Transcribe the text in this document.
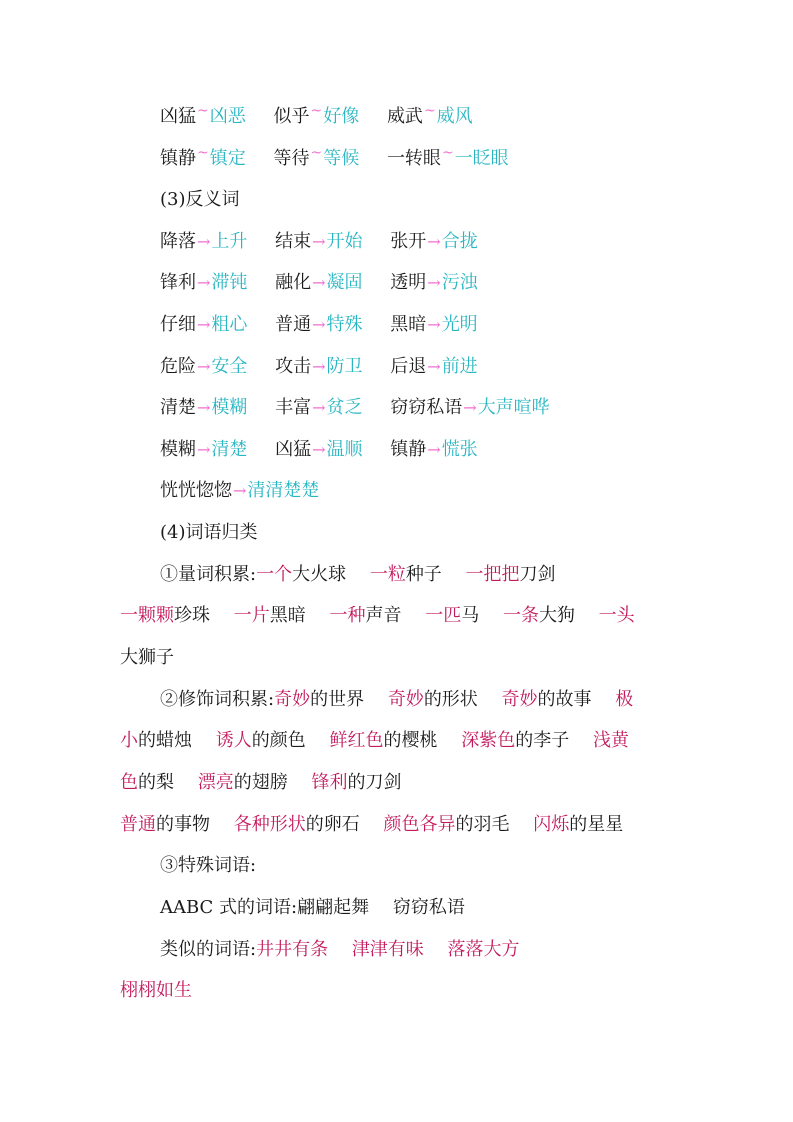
凶猛~凶恶 似乎~好像 威武~威风
镇静~镇定 等待~等候 一转眼~一眨眼
(3)反义词
降落→上升 结束→开始 张开→合拢
锋利→滞钝 融化→凝固 透明→污浊
仔细→粗心 普通→特殊 黑暗→光明
危险→安全 攻击→防卫 后退→前进
清楚→模糊 丰富→贫乏 窃窃私语→大声喧哗
模糊→清楚 凶猛→温顺 镇静→慌张
恍恍惚惚→清清楚楚
(4)词语归类
①量词积累:一个大火球 一粒种子 一把把刀剑
一颗颗珍珠 一片黑暗 一种声音 一匹马 一条大狗 一头
大狮子
②修饰词积累:奇妙的世界 奇妙的形状 奇妙的故事 极
小的蜡烛 诱人的颜色 鲜红色的樱桃 深紫色的李子 浅黄
色的梨 漂亮的翅膀 锋利的刀剑
普通的事物 各种形状的卵石 颜色各异的羽毛 闪烁的星星
③特殊词语:
AABC 式的词语:翩翩起舞 窃窃私语
类似的词语:井井有条 津津有味 落落大方
栩栩如生
